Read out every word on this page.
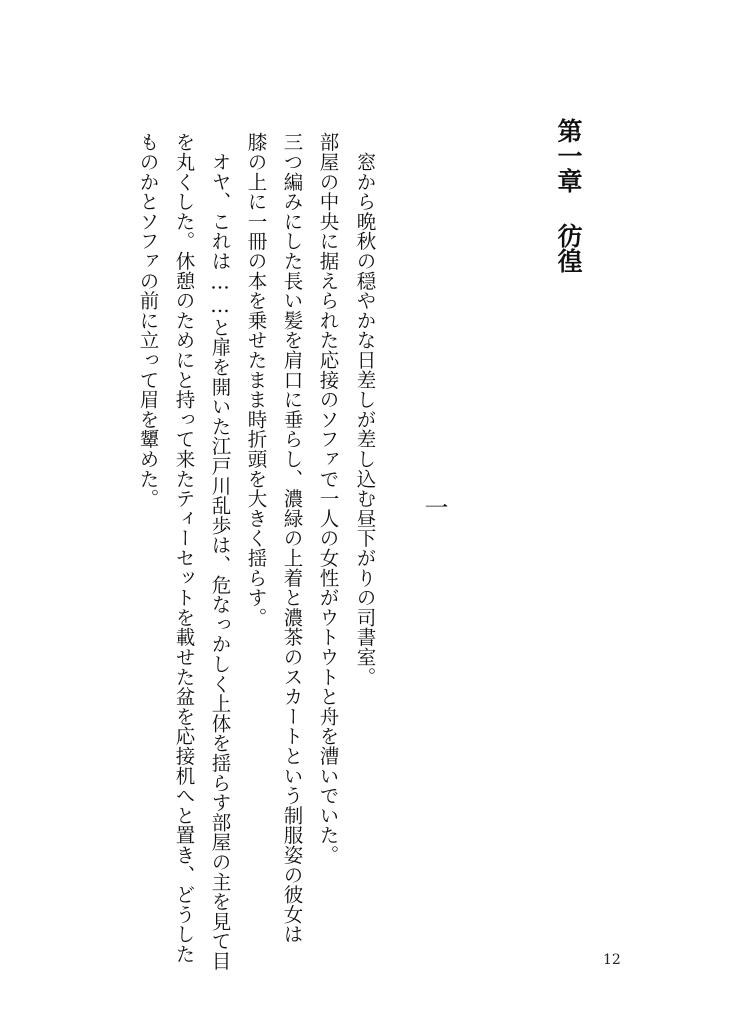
第一章彷徨
一
　窓から晩秋の穏やかな日差しが差し込む昼下がりの司書室。
部屋の中央に据えられた応接のソファで一人の女性がウトウトと舟を漕いでいた。
三つ編みにした長い髪を肩口に垂らし、濃緑の上着と濃茶のスカートという制服姿の彼女は
膝の上に一冊の本を乗せたまま時折頭を大きく揺らす。
　オヤ、これは……と扉を開いた江戸川乱歩は、危なっかしく上体を揺らす部屋の主を見て目
を丸くした。休憩のためにと持って来たティーセットを載せた盆を応接机へと置き、どうした
ものかとソファの前に立って眉を顰めた。
12
